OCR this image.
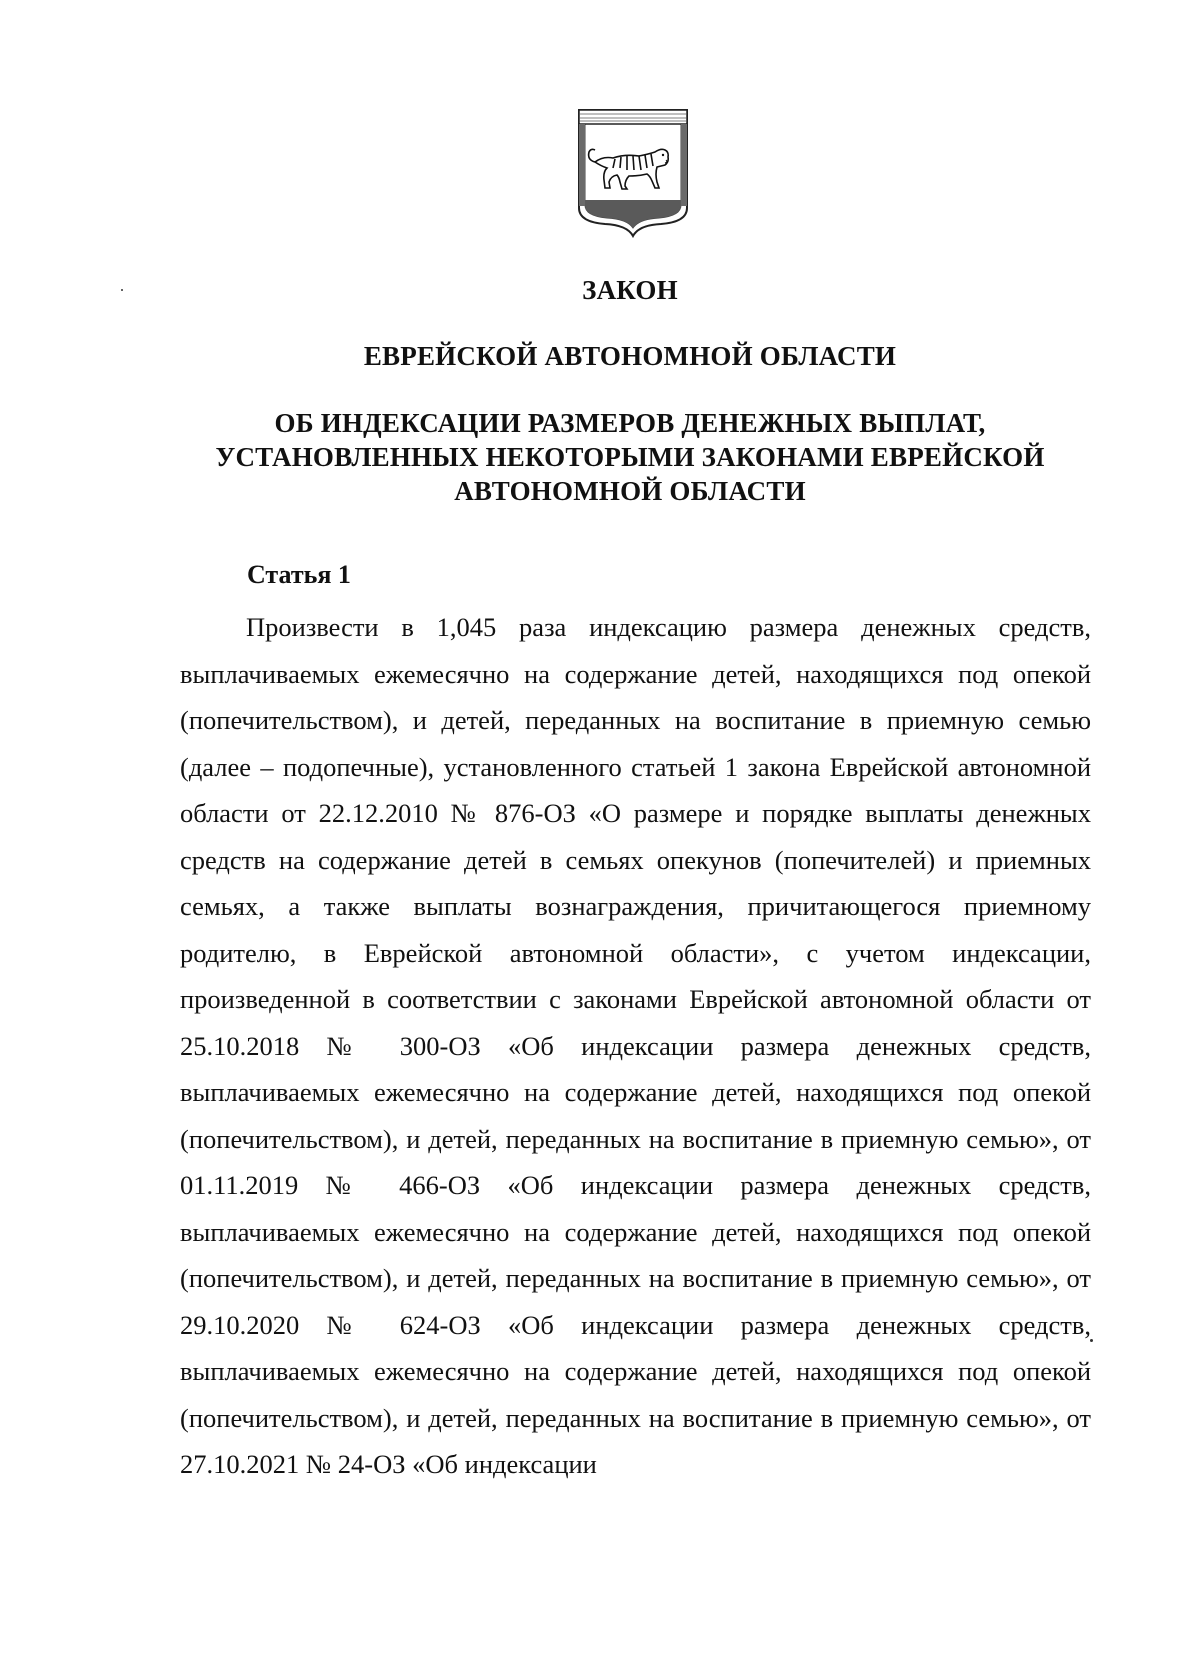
ЗАКОН
ЕВРЕЙСКОЙ АВТОНОМНОЙ ОБЛАСТИ
ОБ ИНДЕКСАЦИИ РАЗМЕРОВ ДЕНЕЖНЫХ ВЫПЛАТ,
УСТАНОВЛЕННЫХ НЕКОТОРЫМИ ЗАКОНАМИ ЕВРЕЙСКОЙ
АВТОНОМНОЙ ОБЛАСТИ
Статья 1

Произвести в 1,045 раза индексацию размера денежных средств, выплачиваемых ежемесячно на содержание детей, находящихся под опекой (попечительством), и детей, переданных на воспитание в приемную семью (далее – подопечные), установленного статьей 1 закона Еврейской автономной области от 22.12.2010 № 876-ОЗ «О размере и порядке выплаты денежных средств на содержание детей в семьях опекунов (попечителей) и приемных семьях, а также выплаты вознаграждения, причитающегося приемному родителю, в Еврейской автономной области», с учетом индексации, произведенной в соответствии с законами Еврейской автономной области от 25.10.2018 № 300-ОЗ «Об индексации размера денежных средств, выплачиваемых ежемесячно на содержание детей, находящихся под опекой (попечительством), и детей, переданных на воспитание в приемную семью», от 01.11.2019 № 466-ОЗ «Об индексации размера денежных средств, выплачиваемых ежемесячно на содержание детей, находящихся под опекой (попечительством), и детей, переданных на воспитание в приемную семью», от 29.10.2020 № 624-ОЗ «Об индексации размера денежных средств, выплачиваемых ежемесячно на содержание детей, находящихся под опекой (попечительством), и детей, переданных на воспитание в приемную семью», от 27.10.2021 № 24-ОЗ «Об индексации
